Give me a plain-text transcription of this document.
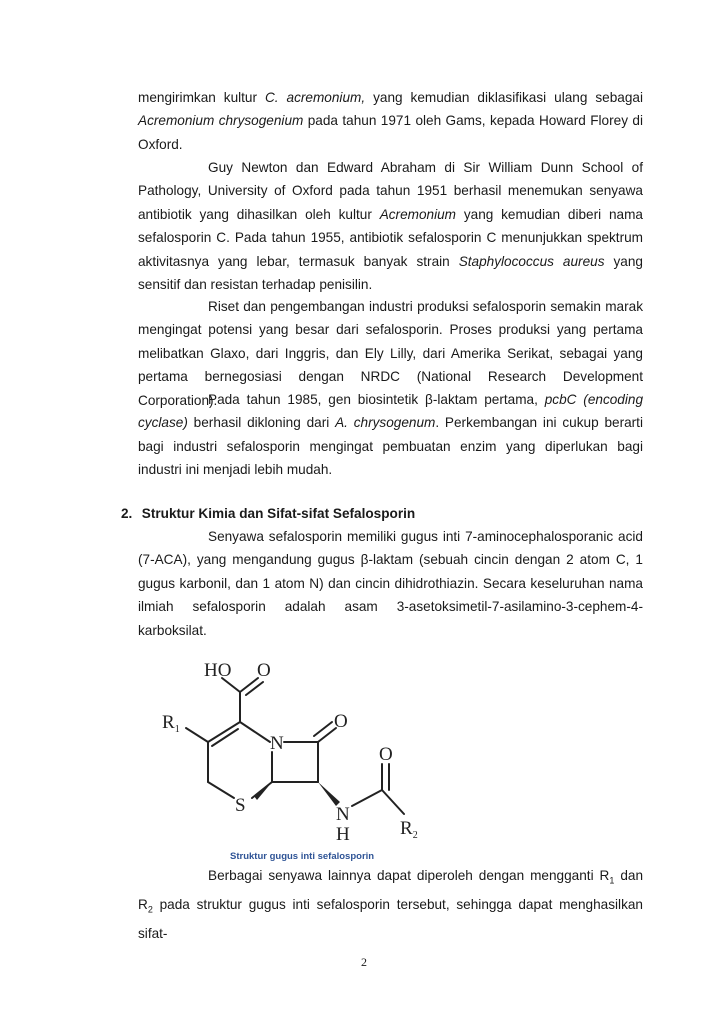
mengirimkan kultur C. acremonium, yang kemudian diklasifikasi ulang sebagai Acremonium chrysogenium pada tahun 1971 oleh Gams, kepada Howard Florey di Oxford.

Guy Newton dan Edward Abraham di Sir William Dunn School of Pathology, University of Oxford pada tahun 1951 berhasil menemukan senyawa antibiotik yang dihasilkan oleh kultur Acremonium yang kemudian diberi nama sefalosporin C. Pada tahun 1955, antibiotik sefalosporin C menunjukkan spektrum aktivitasnya yang lebar, termasuk banyak strain Staphylococcus aureus yang sensitif dan resistan terhadap penisilin.

Riset dan pengembangan industri produksi sefalosporin semakin marak mengingat potensi yang besar dari sefalosporin. Proses produksi yang pertama melibatkan Glaxo, dari Inggris, dan Ely Lilly, dari Amerika Serikat, sebagai yang pertama bernegosiasi dengan NRDC (National Research Development Corporation).

Pada tahun 1985, gen biosintetik β-laktam pertama, pcbC (encoding cyclase) berhasil dikloning dari A. chrysogenum. Perkembangan ini cukup berarti bagi industri sefalosporin mengingat pembuatan enzim yang diperlukan bagi industri ini menjadi lebih mudah.

2. Struktur Kimia dan Sifat-sifat Sefalosporin

Senyawa sefalosporin memiliki gugus inti 7-aminocephalosporanic acid (7-ACA), yang mengandung gugus β-laktam (sebuah cincin dengan 2 atom C, 1 gugus karbonil, dan 1 atom N) dan cincin dihidrothiazin. Secara keseluruhan nama ilmiah sefalosporin adalah asam 3-asetoksimetil-7-asilamino-3-cephem-4-karboksilat.

HO O
$R_1$
N
O
S	N
H
O
$R_2$
Struktur gugus inti sefalosporin

Berbagai senyawa lainnya dapat diperoleh dengan mengganti $R_1$ dan $R_2$ pada struktur gugus inti sefalosporin tersebut, sehingga dapat menghasilkan sifat-

2
